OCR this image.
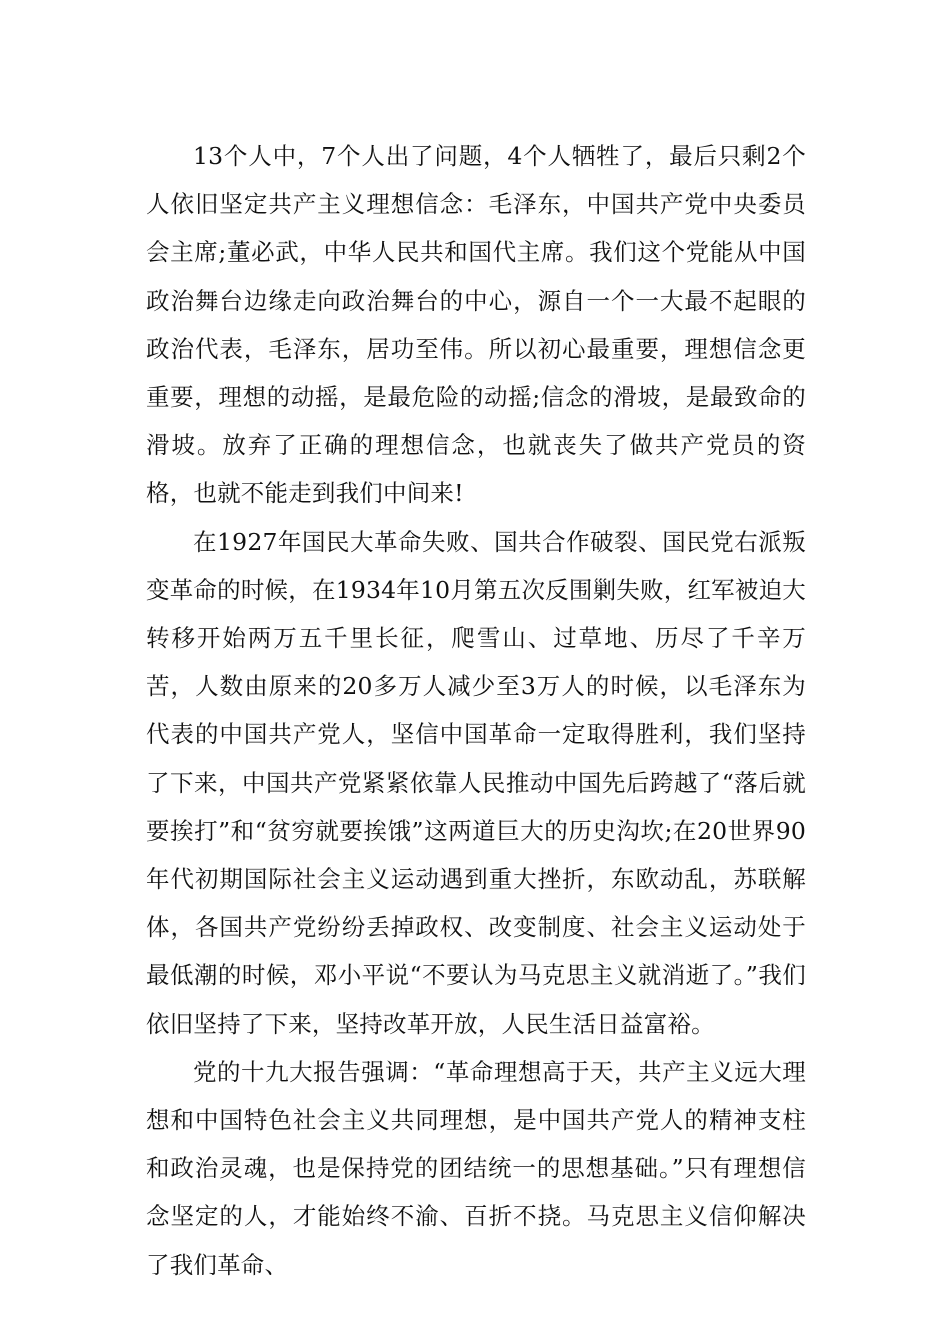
13个人中，7个人出了问题，4个人牺牲了，最后只剩2个人依旧坚定共产主义理想信念：毛泽东，中国共产党中央委员会主席;董必武，中华人民共和国代主席。我们这个党能从中国政治舞台边缘走向政治舞台的中心，源自一个一大最不起眼的政治代表，毛泽东，居功至伟。所以初心最重要，理想信念更重要，理想的动摇，是最危险的动摇;信念的滑坡，是最致命的滑坡。放弃了正确的理想信念，也就丧失了做共产党员的资格，也就不能走到我们中间来!

在1927年国民大革命失败、国共合作破裂、国民党右派叛变革命的时候，在1934年10月第五次反围剿失败，红军被迫大转移开始两万五千里长征，爬雪山、过草地、历尽了千辛万苦，人数由原来的20多万人减少至3万人的时候，以毛泽东为代表的中国共产党人，坚信中国革命一定取得胜利，我们坚持了下来，中国共产党紧紧依靠人民推动中国先后跨越了“落后就要挨打”和“贫穷就要挨饿”这两道巨大的历史沟坎;在20世界90年代初期国际社会主义运动遇到重大挫折，东欧动乱，苏联解体，各国共产党纷纷丢掉政权、改变制度、社会主义运动处于最低潮的时候，邓小平说“不要认为马克思主义就消逝了。”我们依旧坚持了下来，坚持改革开放，人民生活日益富裕。

党的十九大报告强调：“革命理想高于天，共产主义远大理想和中国特色社会主义共同理想，是中国共产党人的精神支柱和政治灵魂，也是保持党的团结统一的思想基础。”只有理想信念坚定的人，才能始终不渝、百折不挠。马克思主义信仰解决了我们革命、
